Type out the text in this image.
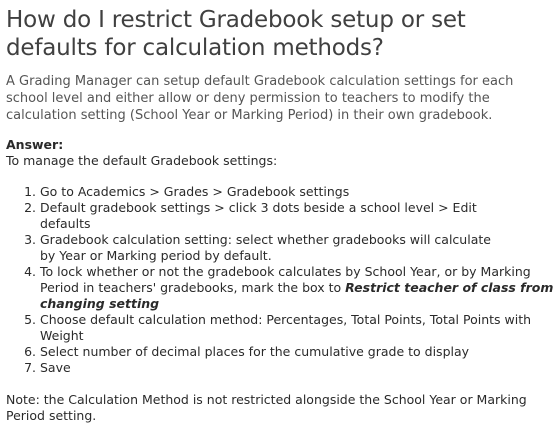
How do I restrict Gradebook setup or set
defaults for calculation methods?

A Grading Manager can setup default Gradebook calculation settings for each
school level and either allow or deny permission to teachers to modify the
calculation setting (School Year or Marking Period) in their own gradebook.

Answer:
To manage the default Gradebook settings:
1. Go to Academics > Grades > Gradebook settings
2. Default gradebook settings > click 3 dots beside a school level > Edit defaults
3. Gradebook calculation setting: select whether gradebooks will calculate
by Year or Marking period by default.
4. To lock whether or not the gradebook calculates by School Year, or by Marking
Period in teachers' gradebooks, mark the box to Restrict teacher of class from
changing setting
5. Choose default calculation method: Percentages, Total Points, Total Points with
Weight
6. Select number of decimal places for the cumulative grade to display
7. Save
Note: the Calculation Method is not restricted alongside the School Year or Marking
Period setting.
